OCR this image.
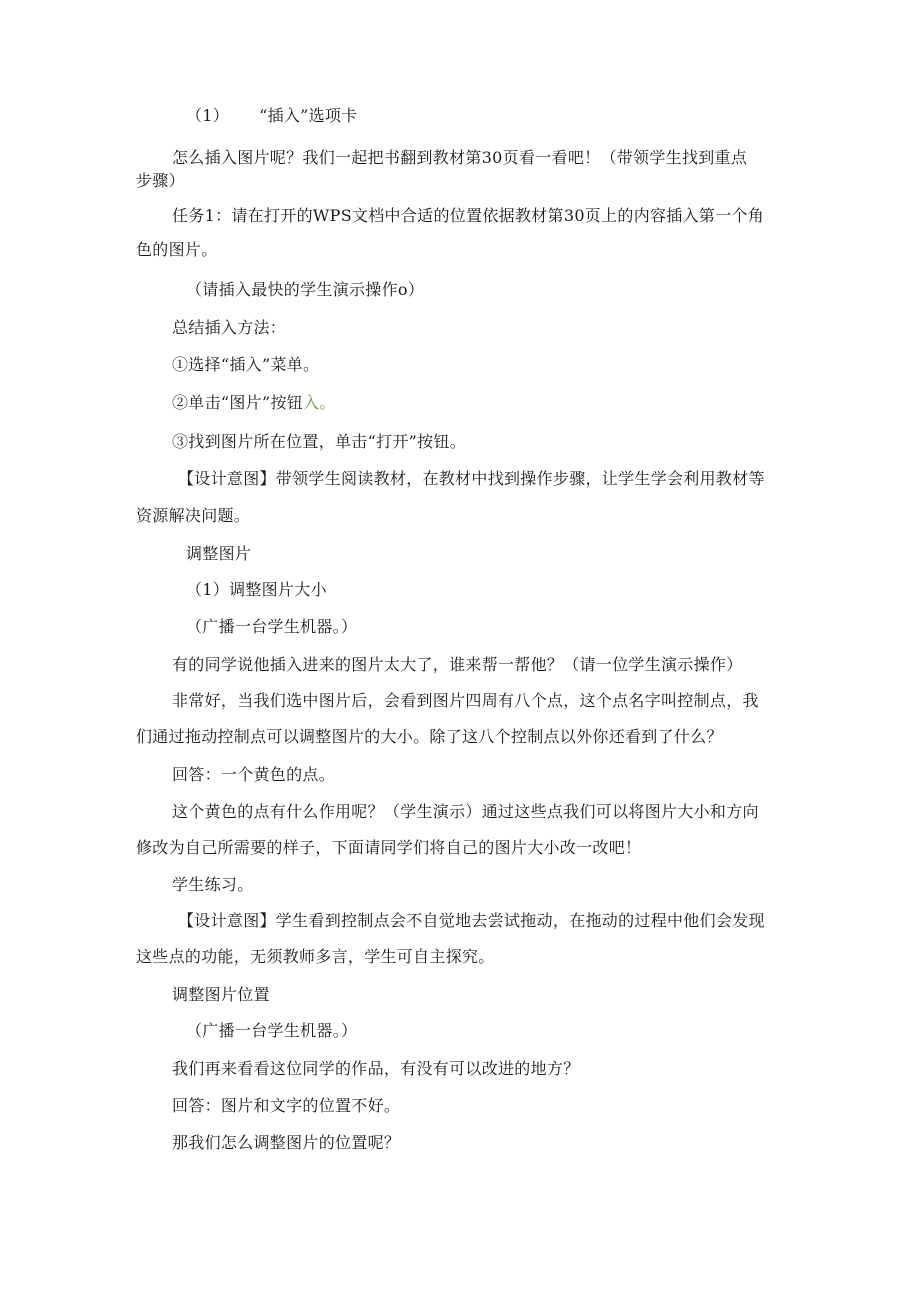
（1） “插入”选项卡
怎么插入图片呢？我们一起把书翻到教材第30页看一看吧！（带领学生找到重点
步骤）
任务1：请在打开的WPS文档中合适的位置依据教材第30页上的内容插入第一个角
色的图片。
（请插入最快的学生演示操作o）
总结插入方法：
①选择“插入”菜单。
②单击“图片”按钮入。
③找到图片所在位置，单击“打开”按钮。
【设计意图】带领学生阅读教材，在教材中找到操作步骤，让学生学会利用教材等
资源解决问题。
调整图片
（1）调整图片大小
（广播一台学生机器。）
有的同学说他插入进来的图片太大了，谁来帮一帮他？（请一位学生演示操作）
非常好，当我们选中图片后，会看到图片四周有八个点，这个点名字叫控制点，我
们通过拖动控制点可以调整图片的大小。除了这八个控制点以外你还看到了什么？
回答：一个黄色的点。
这个黄色的点有什么作用呢？（学生演示）通过这些点我们可以将图片大小和方向
修改为自己所需要的样子，下面请同学们将自己的图片大小改一改吧！
学生练习。
【设计意图】学生看到控制点会不自觉地去尝试拖动，在拖动的过程中他们会发现
这些点的功能，无须教师多言，学生可自主探究。
调整图片位置
（广播一台学生机器。）
我们再来看看这位同学的作品，有没有可以改进的地方？
回答：图片和文字的位置不好。
那我们怎么调整图片的位置呢？
